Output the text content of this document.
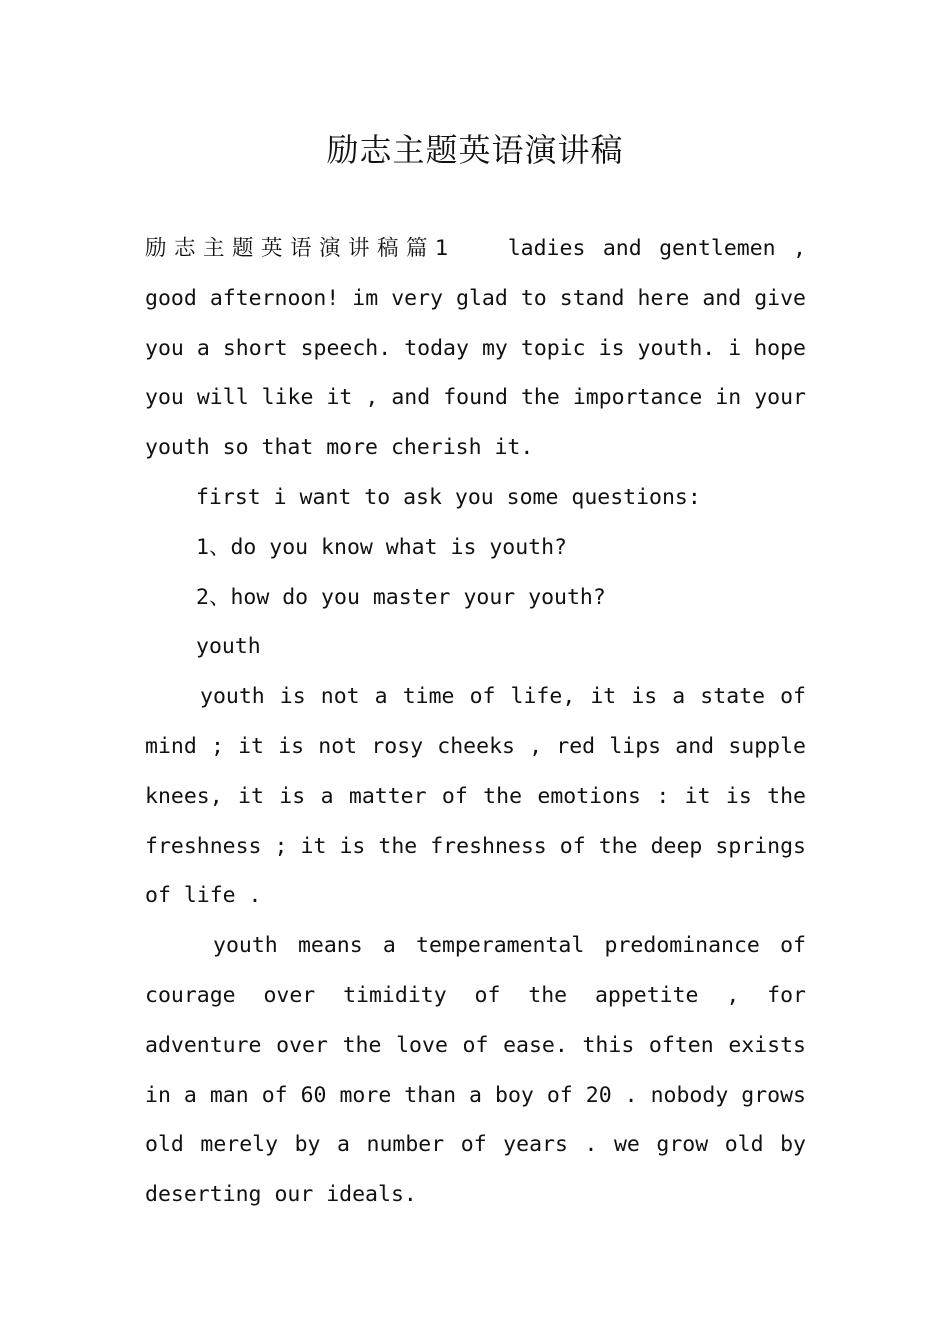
励志主题英语演讲稿

励志主题英语演讲稿篇1	ladies and gentlemen , good afternoon! im very glad to stand here and give you a short speech. today my topic is youth. i hope you will like it , and found the importance in your youth so that more cherish it.

first i want to ask you some questions:

1、do you know what is youth?

2、how do you master your youth?

youth

youth is not a time of life, it is a state of mind ; it is not rosy cheeks , red lips and supple knees, it is a matter of the emotions : it is the freshness ; it is the freshness of the deep springs of life .

youth means a temperamental predominance of courage over timidity of the appetite , for adventure over the love of ease. this often exists in a man of 60 more than a boy of 20 . nobody grows old merely by a number of years . we grow old by deserting our ideals.
